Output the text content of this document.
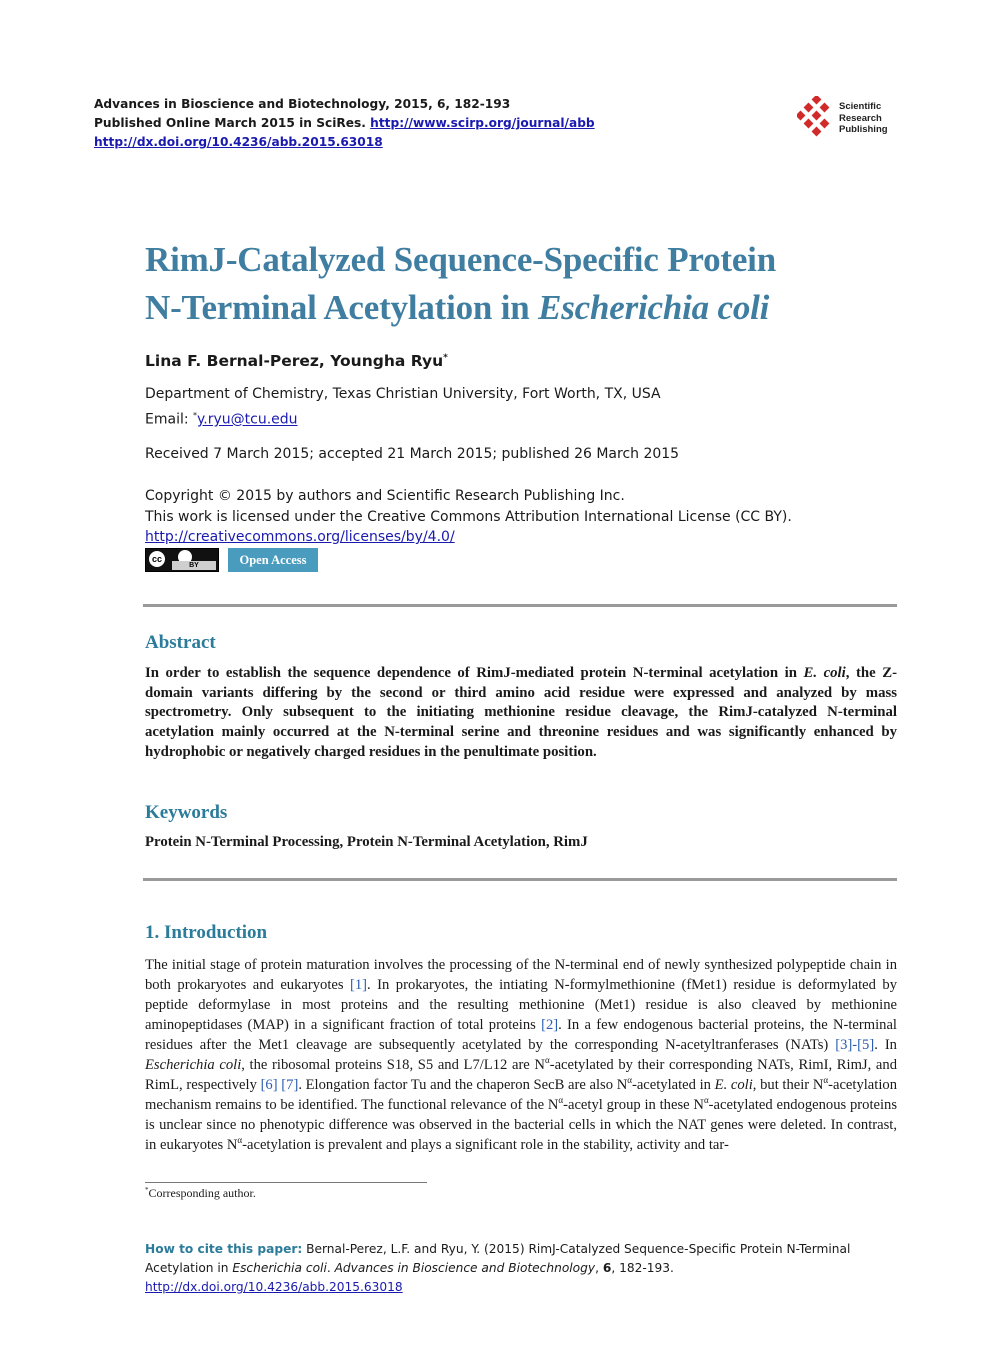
Advances in Bioscience and Biotechnology, 2015, 6, 182-193
Published Online March 2015 in SciRes. http://www.scirp.org/journal/abb
http://dx.doi.org/10.4236/abb.2015.63018
Scientific
Research
Publishing
RimJ-Catalyzed Sequence-Specific Protein
N-Terminal Acetylation in Escherichia coli
Lina F. Bernal-Perez, Youngha Ryu*
Department of Chemistry, Texas Christian University, Fort Worth, TX, USA
Email: *y.ryu@tcu.edu
Received 7 March 2015; accepted 21 March 2015; published 26 March 2015
Copyright © 2015 by authors and Scientific Research Publishing Inc.
This work is licensed under the Creative Commons Attribution International License (CC BY).
http://creativecommons.org/licenses/by/4.0/
cc
BY	Open Access
Abstract
In order to establish the sequence dependence of RimJ-mediated protein N-terminal acetylation in E. coli, the Z-domain variants differing by the second or third amino acid residue were expressed and analyzed by mass spectrometry. Only subsequent to the initiating methionine residue cleavage, the RimJ-catalyzed N-terminal acetylation mainly occurred at the N-terminal serine and threonine residues and was significantly enhanced by hydrophobic or negatively charged residues in the penultimate position.
Keywords
Protein N-Terminal Processing, Protein N-Terminal Acetylation, RimJ
1. Introduction
The initial stage of protein maturation involves the processing of the N-terminal end of newly synthesized polypeptide chain in both prokaryotes and eukaryotes [1]. In prokaryotes, the intiating N-formylmethionine (fMet1) residue is deformylated by peptide deformylase in most proteins and the resulting methionine (Met1) residue is also cleaved by methionine aminopeptidases (MAP) in a significant fraction of total proteins [2]. In a few endogenous bacterial proteins, the N-terminal residues after the Met1 cleavage are subsequently acetylated by the corresponding N-acetyltranferases (NATs) [3]-[5]. In Escherichia coli, the ribosomal proteins S18, S5 and L7/L12 are $N^\alpha$-acetylated by their corresponding NATs, RimI, RimJ, and RimL, respectively [6] [7]. Elongation factor Tu and the chaperon SecB are also $N^\alpha$-acetylated in E. coli, but their $N^\alpha$-acetylation mechanism remains to be identified. The functional relevance of the $N^\alpha$-acetyl group in these $N^\alpha$-acetylated endogenous proteins is unclear since no phenotypic difference was observed in the bacterial cells in which the NAT genes were deleted. In contrast, in eukaryotes $N^\alpha$-acetylation is prevalent and plays a significant role in the stability, activity and tar-
*Corresponding author.
How to cite this paper: Bernal-Perez, L.F. and Ryu, Y. (2015) RimJ-Catalyzed Sequence-Specific Protein N-Terminal Acetylation in Escherichia coli. Advances in Bioscience and Biotechnology, 6, 182-193. http://dx.doi.org/10.4236/abb.2015.63018
